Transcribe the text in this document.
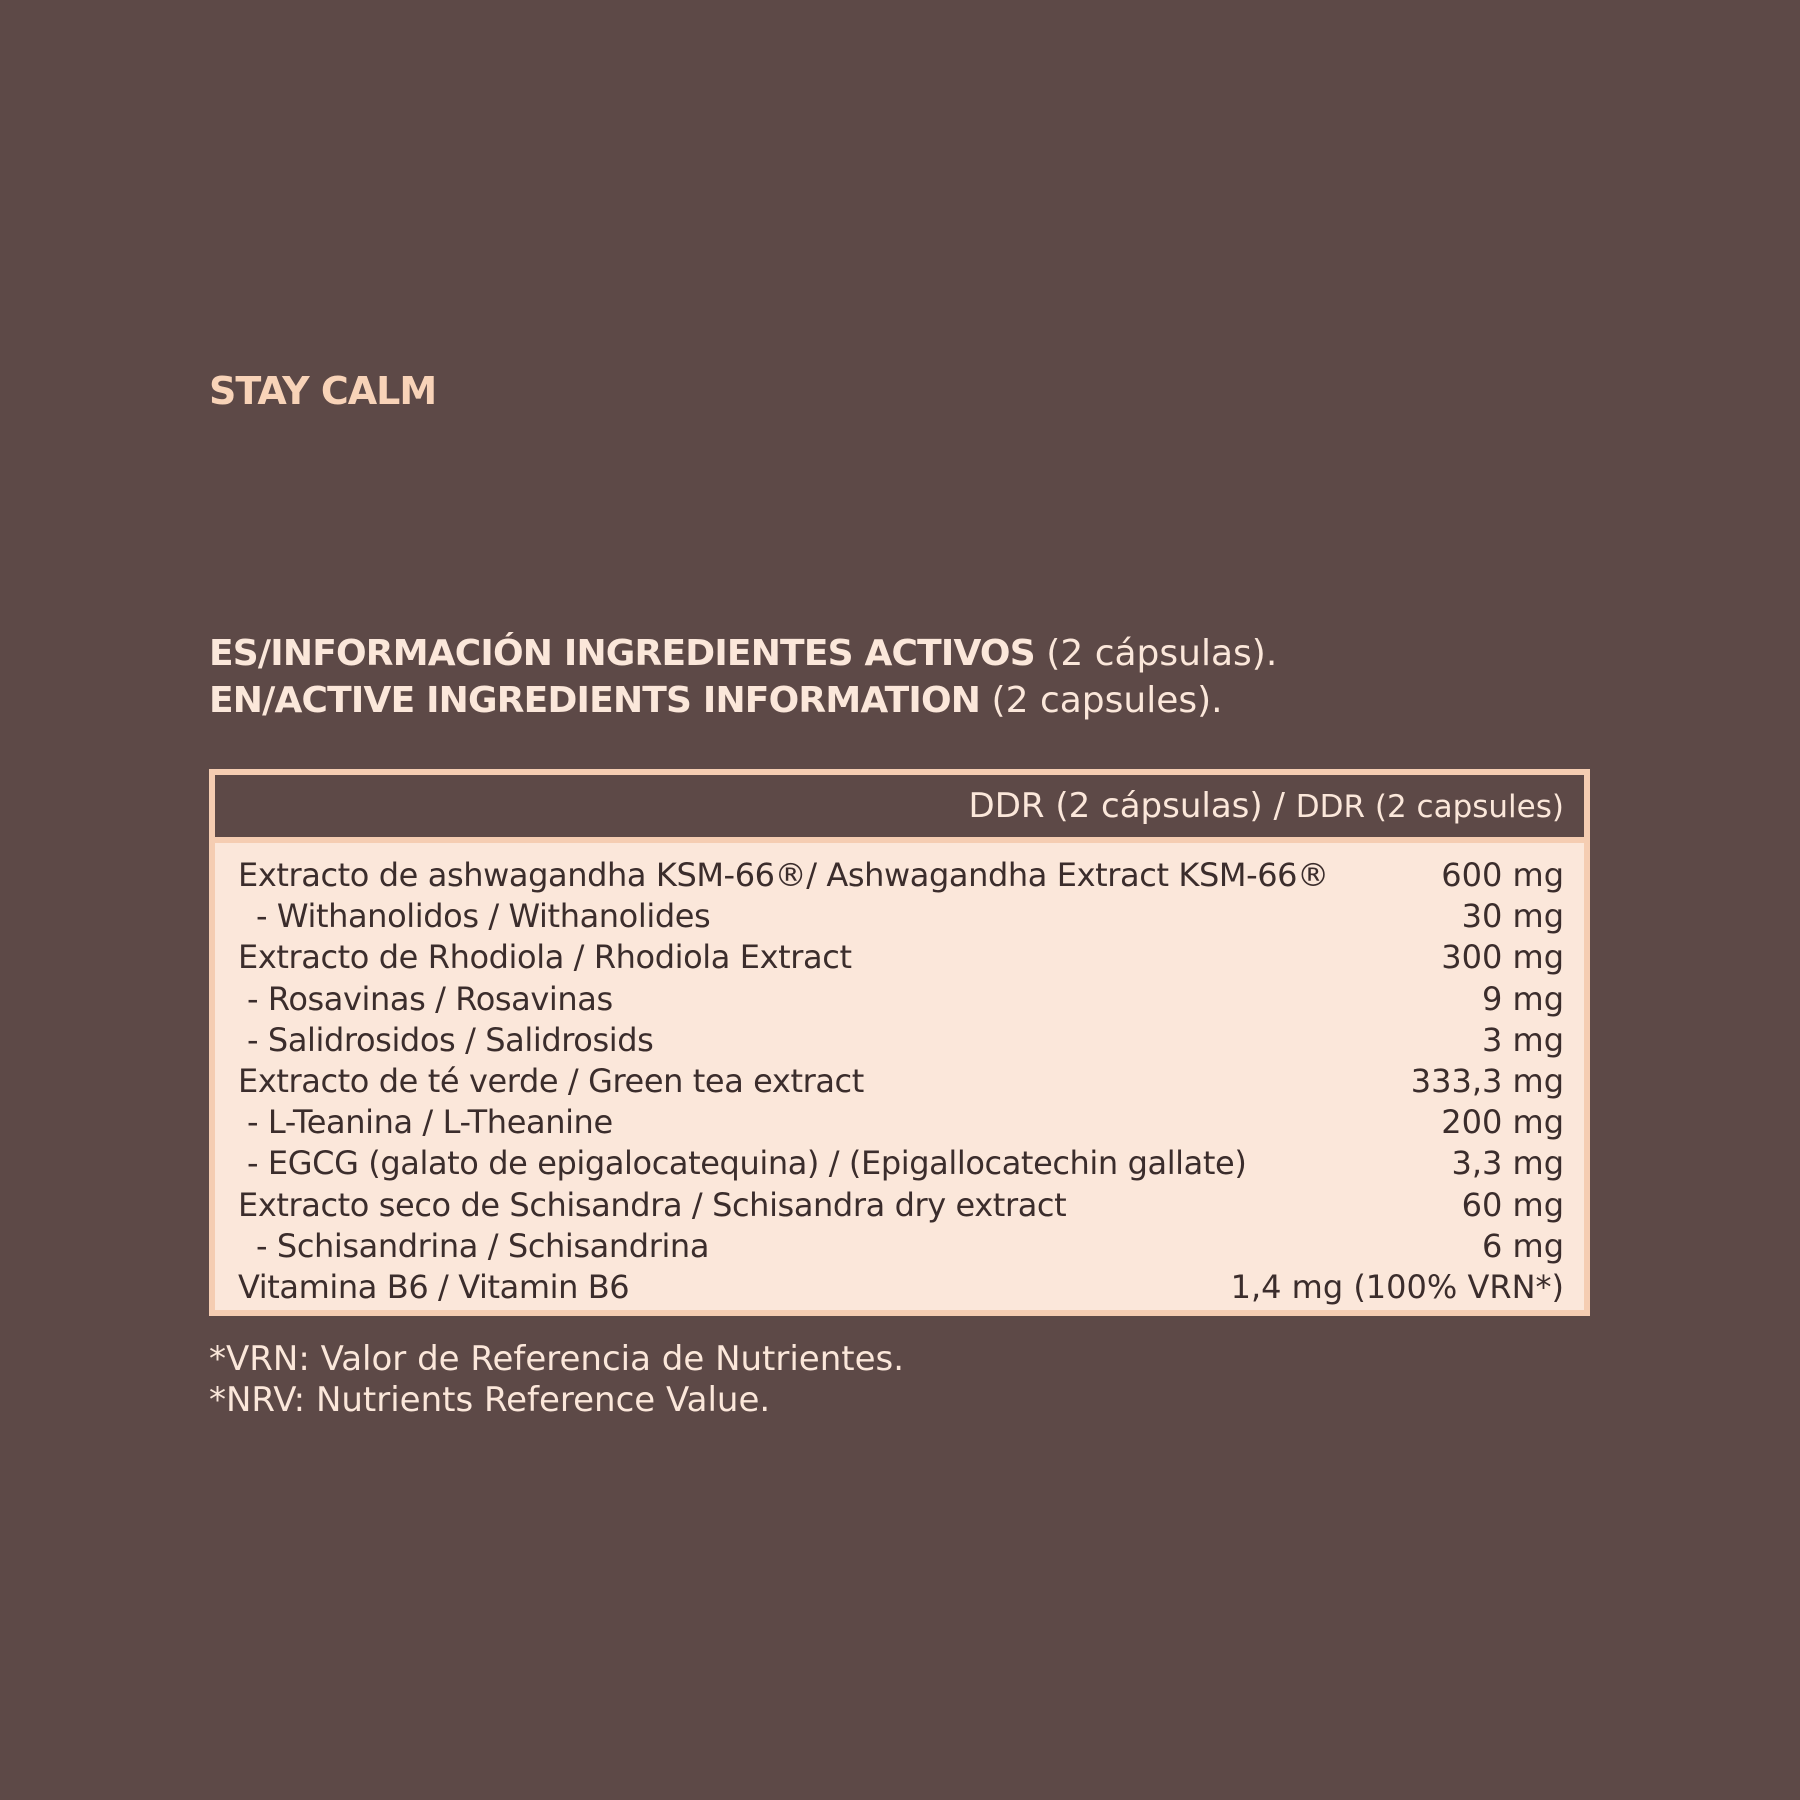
STAY CALM
ES/INFORMACIÓN INGREDIENTES ACTIVOS (2 cápsulas).
EN/ACTIVE INGREDIENTS INFORMATION (2 capsules).
DDR (2 cápsulas) / DDR (2 capsules)
Extracto de ashwagandha KSM-66®/ Ashwagandha Extract KSM-66®	600 mg
- Withanolidos / Withanolides	30 mg
Extracto de Rhodiola / Rhodiola Extract	300 mg
- Rosavinas / Rosavinas	9 mg
- Salidrosidos / Salidrosids	3 mg
Extracto de té verde / Green tea extract	333,3 mg
- L-Teanina / L-Theanine	200 mg
- EGCG (galato de epigalocatequina) / (Epigallocatechin gallate)	3,3 mg
Extracto seco de Schisandra / Schisandra dry extract	60 mg
- Schisandrina / Schisandrina	6 mg
Vitamina B6 / Vitamin B6	1,4 mg (100% VRN*)
*VRN: Valor de Referencia de Nutrientes.
*NRV: Nutrients Reference Value.
